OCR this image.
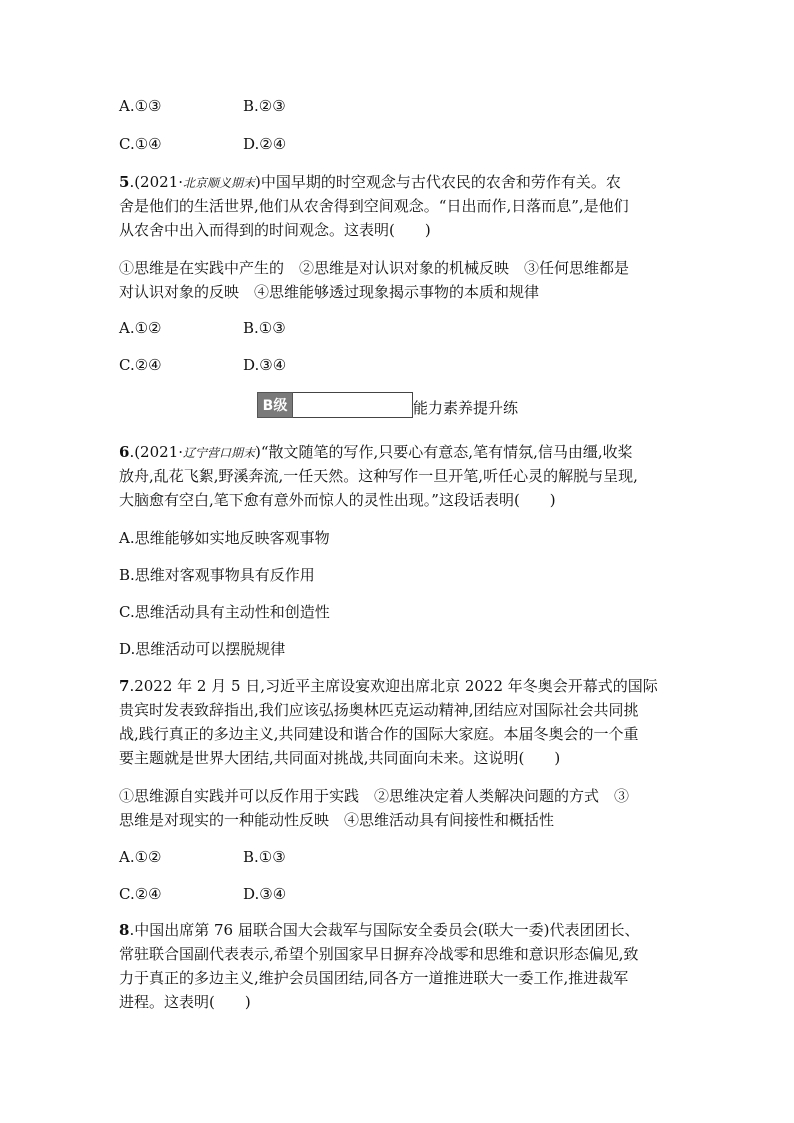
A.①③	B.②③
C.①④	D.②④
5.(2021·北京顺义期末)中国早期的时空观念与古代农民的农舍和劳作有关。农
舍是他们的生活世界,他们从农舍得到空间观念。“日出而作,日落而息”,是他们
从农舍中出入而得到的时间观念。这表明(　　)
①思维是在实践中产生的　②思维是对认识对象的机械反映　③任何思维都是
对认识对象的反映　④思维能够透过现象揭示事物的本质和规律
A.①②	B.①③
C.②④	D.③④
B级	能力素养提升练
6.(2021·辽宁营口期末)“散文随笔的写作,只要心有意态,笔有情氛,信马由缰,收桨
放舟,乱花飞絮,野溪奔流,一任天然。这种写作一旦开笔,听任心灵的解脱与呈现,
大脑愈有空白,笔下愈有意外而惊人的灵性出现。”这段话表明(　　)
A.思维能够如实地反映客观事物
B.思维对客观事物具有反作用
C.思维活动具有主动性和创造性
D.思维活动可以摆脱规律
7.2022 年 2 月 5 日,习近平主席设宴欢迎出席北京 2022 年冬奥会开幕式的国际
贵宾时发表致辞指出,我们应该弘扬奥林匹克运动精神,团结应对国际社会共同挑
战,践行真正的多边主义,共同建设和谐合作的国际大家庭。本届冬奥会的一个重
要主题就是世界大团结,共同面对挑战,共同面向未来。这说明(　　)
①思维源自实践并可以反作用于实践　②思维决定着人类解决问题的方式　③
思维是对现实的一种能动性反映　④思维活动具有间接性和概括性
A.①②	B.①③
C.②④	D.③④
8.中国出席第 76 届联合国大会裁军与国际安全委员会(联大一委)代表团团长、
常驻联合国副代表表示,希望个别国家早日摒弃冷战零和思维和意识形态偏见,致
力于真正的多边主义,维护会员国团结,同各方一道推进联大一委工作,推进裁军
进程。这表明(　　)
